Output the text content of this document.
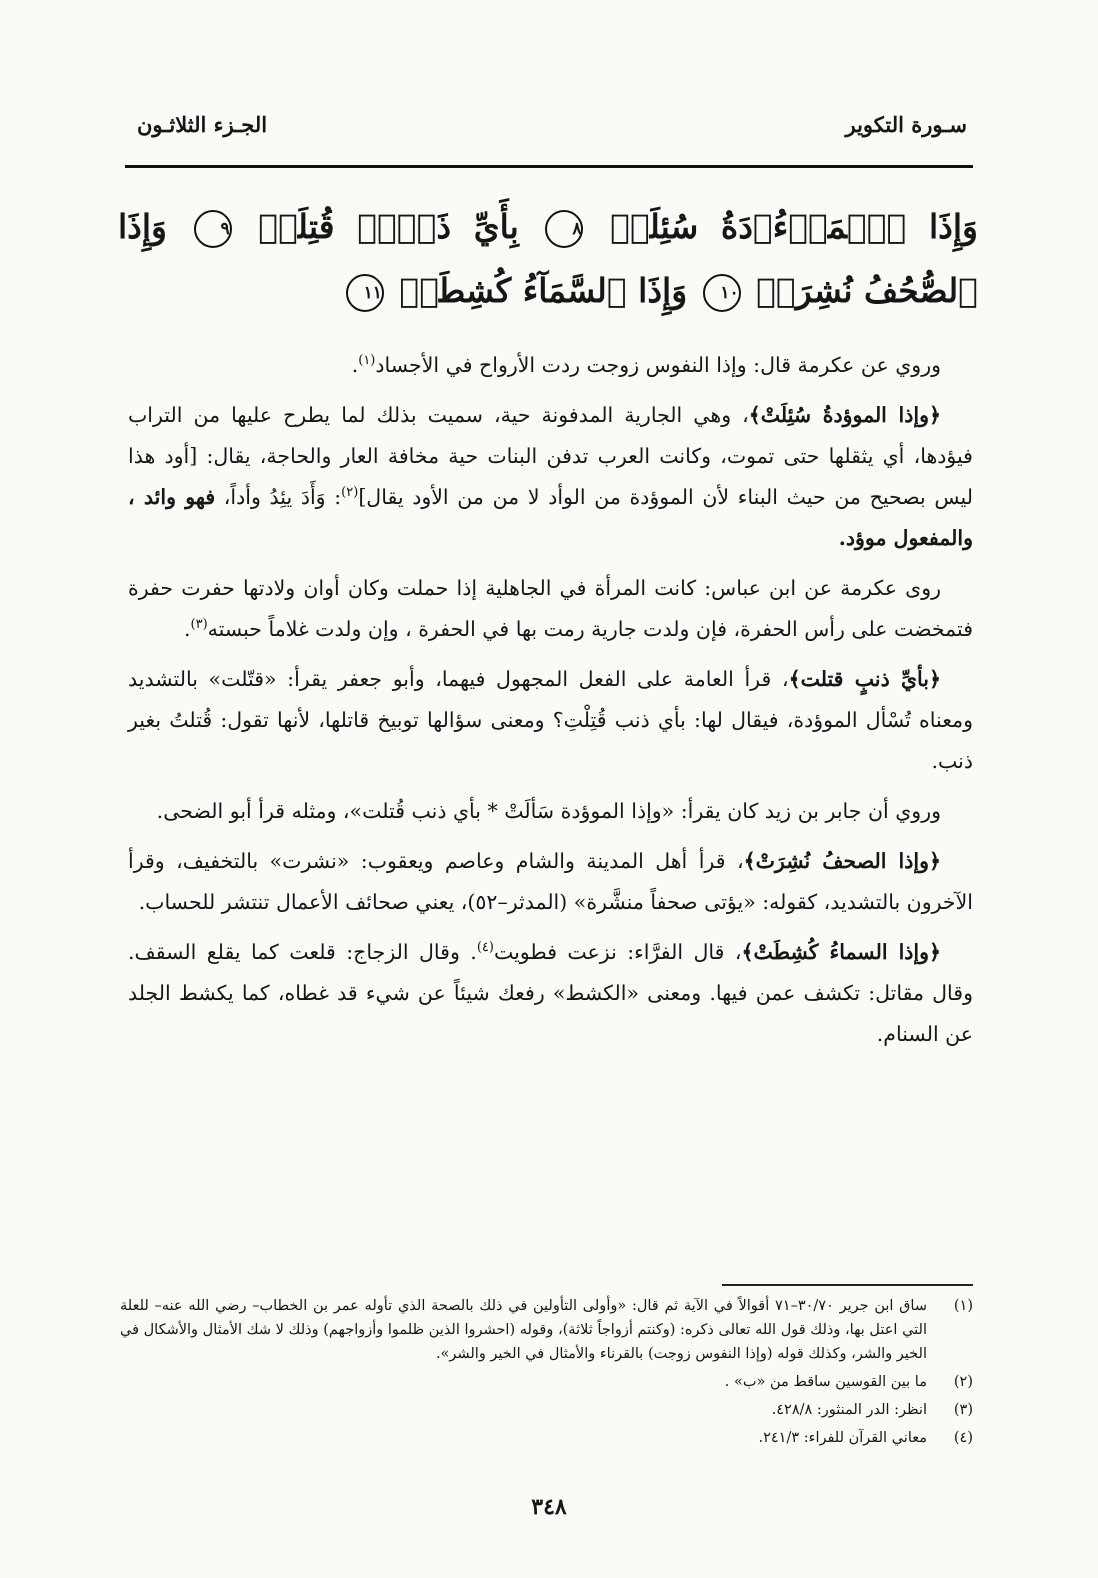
سـورة التكوير
الجـزء الثلاثـون
وَإِذَا ٱلۡمَوۡءُۥدَةُ سُئِلَتۡ ٨ بِأَيِّ ذَنۢبٖ قُتِلَتۡ ٩ وَإِذَا ٱلصُّحُفُ نُشِرَتۡ ١٠ وَإِذَا ٱلسَّمَآءُ كُشِطَتۡ ١١

وروي عن عكرمة قال: وإذا النفوس زوجت ردت الأرواح في الأجساد$^{(١)}$.

﴿وإذا الموؤدةُ سُئِلَتْ﴾، وهي الجارية المدفونة حية، سميت بذلك لما يطرح عليها من التراب فيؤدها، أي يثقلها حتى تموت، وكانت العرب تدفن البنات حية مخافة العار والحاجة، يقال: [أود هذا ليس بصحيح من حيث البناء لأن الموؤدة من الوأد لا من من الأود يقال]$^{(٢)}$: وَأَدَ يئِدُ وأداً، فهو وائد ، والمفعول موؤد.

روى عكرمة عن ابن عباس: كانت المرأة في الجاهلية إذا حملت وكان أوان ولادتها حفرت حفرة فتمخضت على رأس الحفرة، فإن ولدت جارية رمت بها في الحفرة ، وإن ولدت غلاماً حبسته$^{(٣)}$.

﴿بأيِّ ذنبٍ قتلت﴾، قرأ العامة على الفعل المجهول فيهما، وأبو جعفر يقرأ: «قتّلت» بالتشديد ومعناه تُسْأل الموؤدة، فيقال لها: بأي ذنب قُتِلْتِ؟ ومعنى سؤالها توبيخ قاتلها، لأنها تقول: قُتلتُ بغير ذنب.

وروي أن جابر بن زيد كان يقرأ: «وإذا الموؤدة سَألَتْ * بأي ذنب قُتلت»، ومثله قرأ أبو الضحى.

﴿وإذا الصحفُ نُشِرَتْ﴾، قرأ أهل المدينة والشام وعاصم ويعقوب: «نشرت» بالتخفيف، وقرأ الآخرون بالتشديد، كقوله: «يؤتى صحفاً منشَّرة» (المدثر–٥٢)، يعني صحائف الأعمال تنتشر للحساب.

﴿وإذا السماءُ كُشِطَتْ﴾، قال الفرَّاء: نزعت فطويت$^{(٤)}$. وقال الزجاج: قلعت كما يقلع السقف. وقال مقاتل: تكشف عمن فيها. ومعنى «الكشط» رفعك شيئاً عن شيء قد غطاه، كما يكشط الجلد عن السنام.

(١)
ساق ابن جرير ٣٠/٧٠–٧١ أقوالاً في الآية ثم قال: «وأولى التأولين في ذلك بالصحة الذي تأوله عمر بن الخطاب– رضي الله عنه– للعلة التي اعتل بها، وذلك قول الله تعالى ذكره: (وكنتم أزواجاً ثلاثة)، وقوله (احشروا الذين ظلموا وأزواجهم) وذلك لا شك الأمثال والأشكال في الخير والشر، وكذلك قوله (وإذا النفوس زوجت) بالقرناء والأمثال في الخير والشر».
(٢)
ما بين القوسين ساقط من «ب» .
(٣)
انظر: الدر المنثور: ٤٢٨/٨.
(٤)
معاني القرآن للفراء: ٢٤١/٣.
٣٤٨
